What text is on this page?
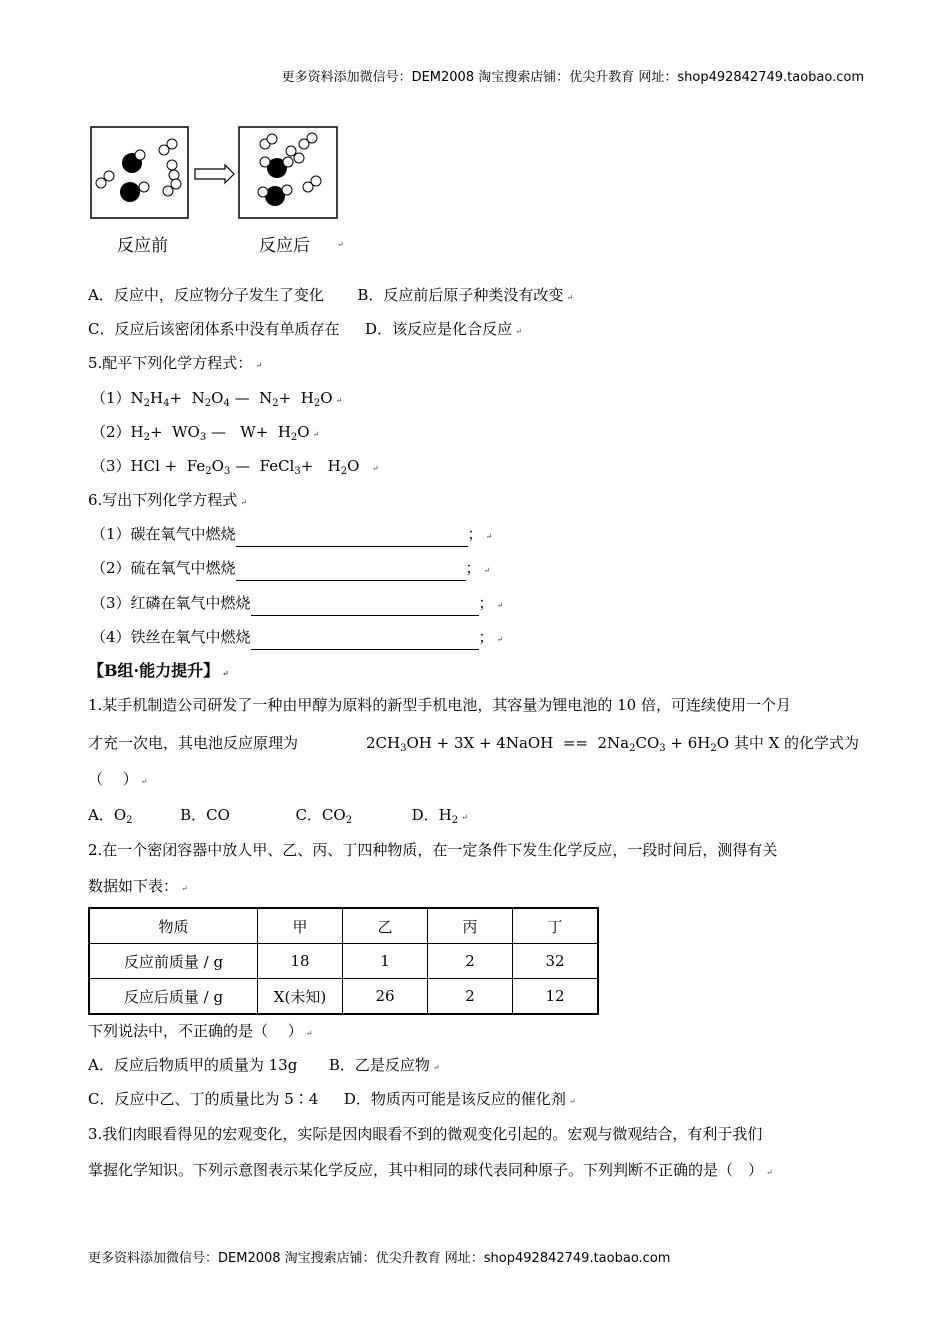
更多资料添加微信号：DEM2008 淘宝搜索店铺：优尖升教育 网址：shop492842749.taobao.com
反应前	反应后	↵
A．反应中，反应物分子发生了变化 B．反应前后原子种类没有改变 ↵
C．反应后该密闭体系中没有单质存在 D．该反应是化合反应 ↵
5.配平下列化学方程式： ↵
$(1)N_2H_4+ N_2O_4$ —  $N_2+ H_2O$ ↵
$(2)H_2+ WO_3$ —   $W+ H_2O$ ↵
$(3)HCl + Fe_2O_3$ —  FeCl$_3$+   $H_2O$  ↵
6.写出下列化学方程式 ↵
（1）碳在氧气中燃烧	； ↵
（2）硫在氧气中燃烧	； ↵
（3）红磷在氧气中燃烧	； ↵
（4）铁丝在氧气中燃烧	； ↵
【B组·能力提升】 ↵
1.某手机制造公司研发了一种由甲醇为原料的新型手机电池，其容量为锂电池的 10 倍，可连续使用一个月
才充一次电，其电池反应原理为	$2CH_3OH + 3X$ + 4NaOH  ==  $2Na_2CO_3 + 6H_2O$ 其中 X 的化学式为
（　 ） ↵
A．$O_2$	B．CO	C．$CO_2$	D．$H_2$ ↵
2.在一个密闭容器中放人甲、乙、丙、丁四种物质，在一定条件下发生化学反应，一段时间后，测得有关
数据如下表： ↵
物质	甲	乙	丙	丁
反应前质量 / g	18	1	2	32
反应后质量 / g	X(未知)	26	2	12
下列说法中，不正确的是（　 ） ↵
A．反应后物质甲的质量为 13g B．乙是反应物 ↵
C．反应中乙、丁的质量比为 5∶4 D．物质丙可能是该反应的催化剂 ↵
3.我们肉眼看得见的宏观变化，实际是因肉眼看不到的微观变化引起的。宏观与微观结合，有利于我们
掌握化学知识。下列示意图表示某化学反应，其中相同的球代表同种原子。下列判断不正确的是（　） ↵
更多资料添加微信号：DEM2008 淘宝搜索店铺：优尖升教育 网址：shop492842749.taobao.com
